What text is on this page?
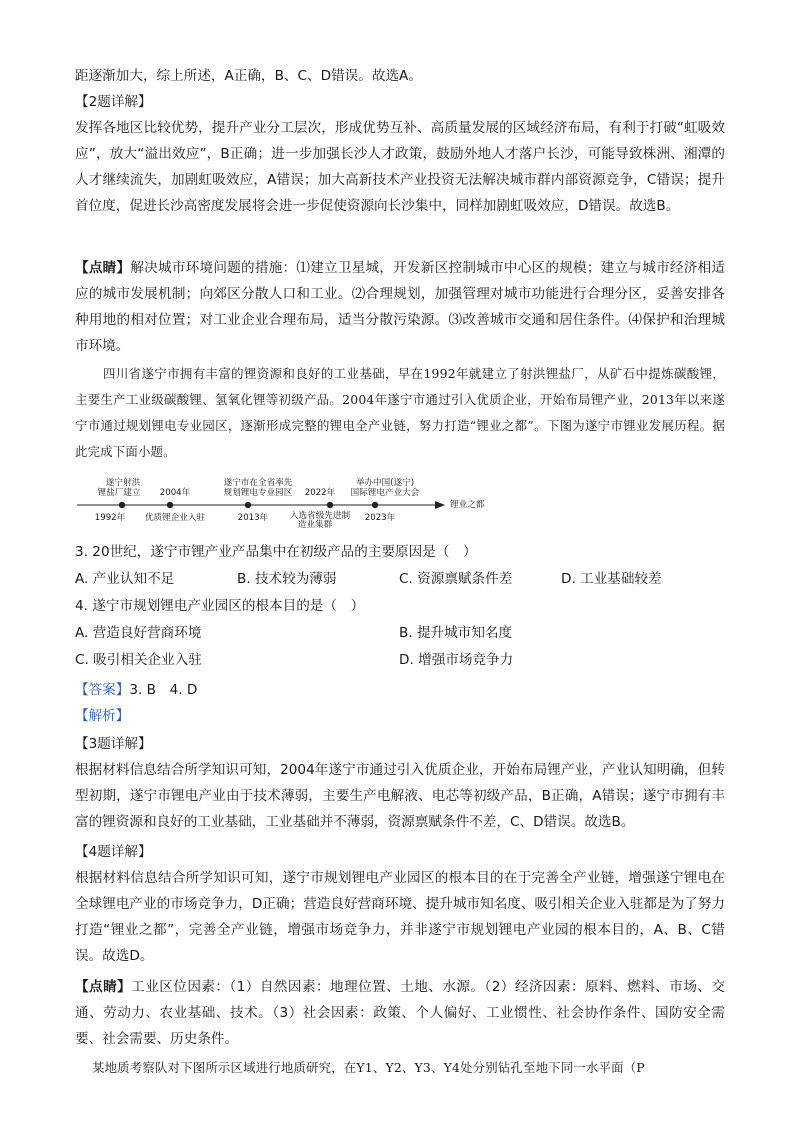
距逐渐加大，综上所述，A正确，B、C、D错误。故选A。
【2题详解】
发挥各地区比较优势，提升产业分工层次，形成优势互补、高质量发展的区域经济布局，有利于打破“虹吸效应”，放大“溢出效应”，B正确；进一步加强长沙人才政策，鼓励外地人才落户长沙，可能导致株洲、湘潭的人才继续流失，加剧虹吸效应，A错误；加大高新技术产业投资无法解决城市群内部资源竞争，C错误；提升首位度，促进长沙高密度发展将会进一步促使资源向长沙集中，同样加剧虹吸效应，D错误。故选B。
【点睛】解决城市环境问题的措施：⑴建立卫星城，开发新区控制城市中心区的规模；建立与城市经济相适应的城市发展机制；向郊区分散人口和工业。⑵合理规划，加强管理对城市功能进行合理分区，妥善安排各种用地的相对位置；对工业企业合理布局，适当分散污染源。⑶改善城市交通和居住条件。⑷保护和治理城市环境。
四川省遂宁市拥有丰富的锂资源和良好的工业基础，早在1992年就建立了射洪锂盐厂，从矿石中提炼碳酸锂，主要生产工业级碳酸锂、氢氧化锂等初级产品。2004年遂宁市通过引入优质企业，开始布局锂产业，2013年以来遂宁市通过规划锂电专业园区，逐渐形成完整的锂电全产业链，努力打造“锂业之都”。下图为遂宁市锂业发展历程。据此完成下面小题。
遂宁射洪
锂盐厂建立	2004年
遂宁市在全省率先
规划锂电专业园区	2022年
举办中国(遂宁)
国际锂电产业大会
锂业之都
1992年	优质锂企业入驻	2013年	入选省级先进制
造业集群
2023年
3. 20世纪，遂宁市锂产业产品集中在初级产品的主要原因是（　）
A. 产业认知不足	B. 技术较为薄弱	C. 资源禀赋条件差	D. 工业基础较差
4. 遂宁市规划锂电产业园区的根本目的是（　）
A. 营造良好营商环境	B. 提升城市知名度
C. 吸引相关企业入驻	D. 增强市场竞争力
【答案】3. B　4. D
【解析】
【3题详解】
根据材料信息结合所学知识可知，2004年遂宁市通过引入优质企业，开始布局锂产业，产业认知明确，但转型初期，遂宁市锂电产业由于技术薄弱，主要生产电解液、电芯等初级产品，B正确，A错误；遂宁市拥有丰富的锂资源和良好的工业基础，工业基础并不薄弱，资源禀赋条件不差，C、D错误。故选B。
【4题详解】
根据材料信息结合所学知识可知，遂宁市规划锂电产业园区的根本目的在于完善全产业链，增强遂宁锂电在全球锂电产业的市场竞争力，D正确；营造良好营商环境、提升城市知名度、吸引相关企业入驻都是为了努力打造“锂业之都”，完善全产业链，增强市场竞争力，并非遂宁市规划锂电产业园的根本目的，A、B、C错误。故选D。
【点睛】工业区位因素：（1）自然因素：地理位置、土地、水源。（2）经济因素：原料、燃料、市场、交通、劳动力、农业基础、技术。（3）社会因素：政策、个人偏好、工业惯性、社会协作条件、国防安全需要、社会需要、历史条件。
某地质考察队对下图所示区域进行地质研究，在Y1、Y2、Y3、Y4处分别钻孔至地下同一水平面（P
